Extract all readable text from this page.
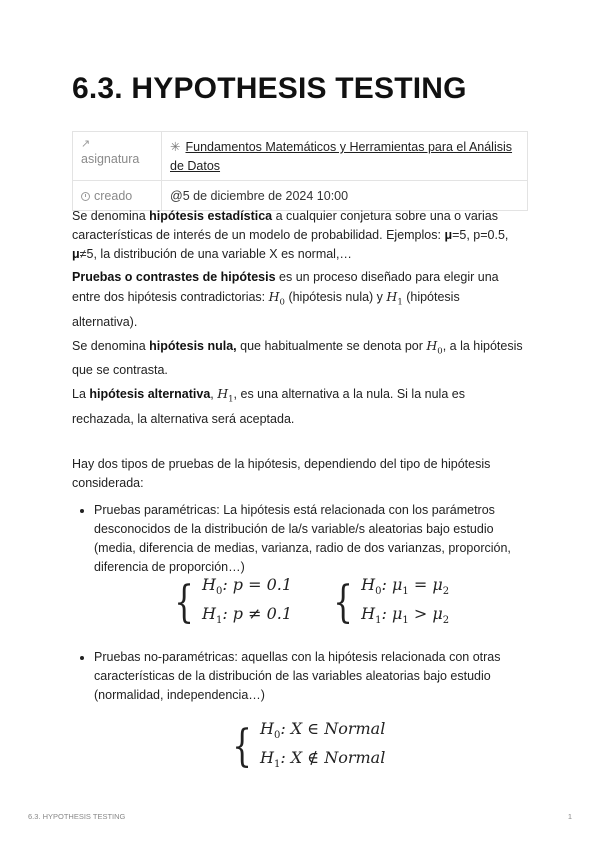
6.3. HYPOTHESIS TESTING
↗
asignatura	✳ Fundamentos Matemáticos y Herramientas para el Análisis de Datos
creado	@5 de diciembre de 2024 10:00

Se denomina hipótesis estadística a cualquier conjetura sobre una o varias características de interés de un modelo de probabilidad. Ejemplos: μ=5, p=0.5, μ≠5, la distribución de una variable X es normal,…

Pruebas o contrastes de hipótesis es un proceso diseñado para elegir una entre dos hipótesis contradictorias: $H_0$ (hipótesis nula) y $H_1$ (hipótesis alternativa).

Se denomina hipótesis nula, que habitualmente se denota por $H_0$, a la hipótesis que se contrasta.

La hipótesis alternativa, $H_1$, es una alternativa a la nula. Si la nula es rechazada, la alternativa será aceptada.

Hay dos tipos de pruebas de la hipótesis, dependiendo del tipo de hipótesis considerada:

• Pruebas paramétricas: La hipótesis está relacionada con los parámetros desconocidos de la distribución de la/s variable/s aleatorias bajo estudio (media, diferencia de medias, varianza, radio de dos varianzas, proporción, diferencia de proporción…)
{ $H_0$: p = 0.1
$H_1$: p ≠ 0.1
{ $H_0$: $\mu_1 = \mu_2$
$H_1$: $\mu_1 > \mu_2$
• Pruebas no-paramétricas: aquellas con la hipótesis relacionada con otras características de la distribución de las variables aleatorias bajo estudio (normalidad, independencia…)
{ $H_0$: X ∈ Normal
$H_1$: X ∉ Normal
6.3. HYPOTHESIS TESTING	1
